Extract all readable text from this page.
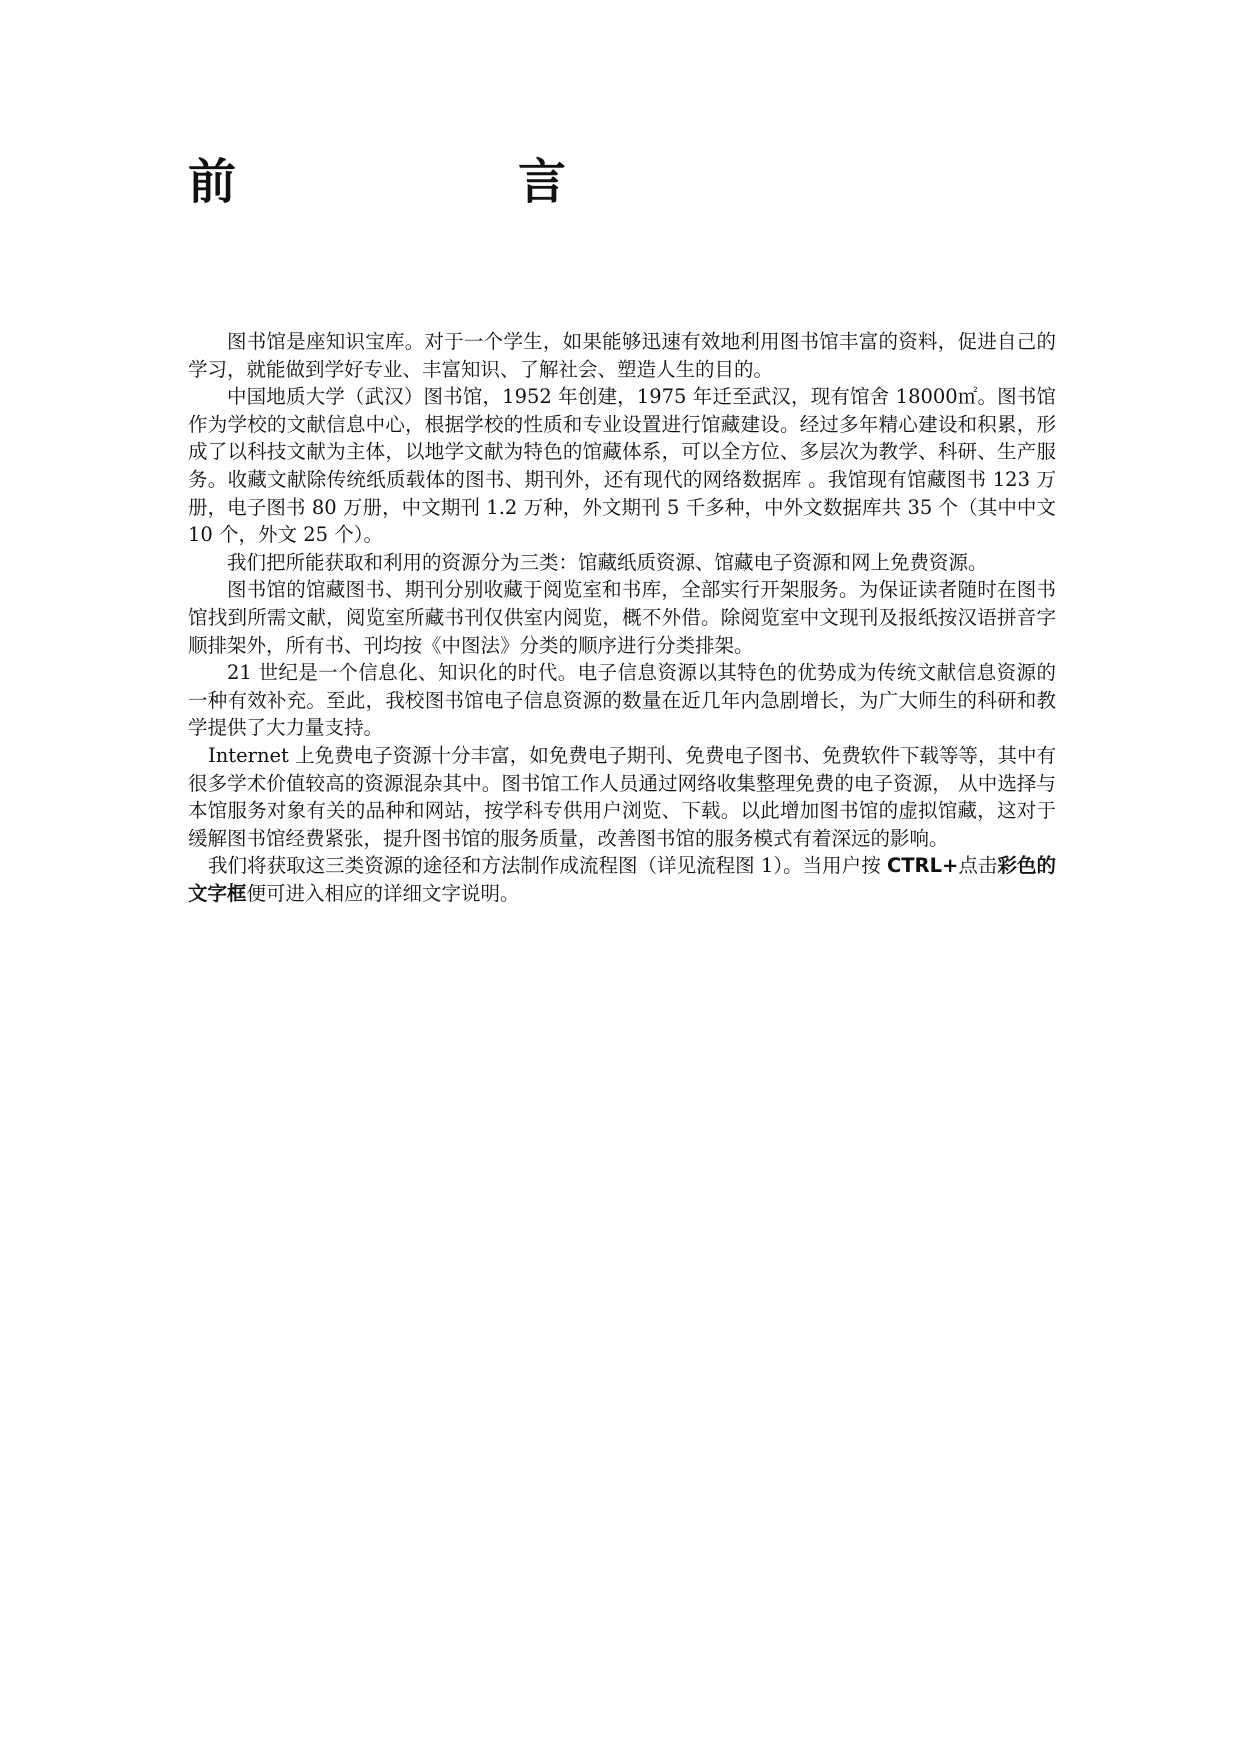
前　　言

图书馆是座知识宝库。对于一个学生，如果能够迅速有效地利用图书馆丰富的资料，促进自己的学习，就能做到学好专业、丰富知识、了解社会、塑造人生的目的。

中国地质大学（武汉）图书馆，1952 年创建，1975 年迁至武汉，现有馆舍 18000㎡。图书馆作为学校的文献信息中心，根据学校的性质和专业设置进行馆藏建设。经过多年精心建设和积累，形成了以科技文献为主体，以地学文献为特色的馆藏体系，可以全方位、多层次为教学、科研、生产服务。收藏文献除传统纸质载体的图书、期刊外，还有现代的网络数据库 。我馆现有馆藏图书 123 万册，电子图书 80 万册，中文期刊 1.2 万种，外文期刊 5 千多种，中外文数据库共 35 个（其中中文 10 个，外文 25 个）。

我们把所能获取和利用的资源分为三类：馆藏纸质资源、馆藏电子资源和网上免费资源。

图书馆的馆藏图书、期刊分别收藏于阅览室和书库，全部实行开架服务。为保证读者随时在图书馆找到所需文献，阅览室所藏书刊仅供室内阅览，概不外借。除阅览室中文现刊及报纸按汉语拼音字顺排架外，所有书、刊均按《中图法》分类的顺序进行分类排架。

21 世纪是一个信息化、知识化的时代。电子信息资源以其特色的优势成为传统文献信息资源的一种有效补充。至此，我校图书馆电子信息资源的数量在近几年内急剧增长，为广大师生的科研和教学提供了大力量支持。

Internet 上免费电子资源十分丰富，如免费电子期刊、免费电子图书、免费软件下载等等，其中有很多学术价值较高的资源混杂其中。图书馆工作人员通过网络收集整理免费的电子资源， 从中选择与本馆服务对象有关的品种和网站，按学科专供用户浏览、下载。以此增加图书馆的虚拟馆藏，这对于缓解图书馆经费紧张，提升图书馆的服务质量，改善图书馆的服务模式有着深远的影响。

我们将获取这三类资源的途径和方法制作成流程图（详见流程图 1）。当用户按 CTRL+点击彩色的文字框便可进入相应的详细文字说明。
